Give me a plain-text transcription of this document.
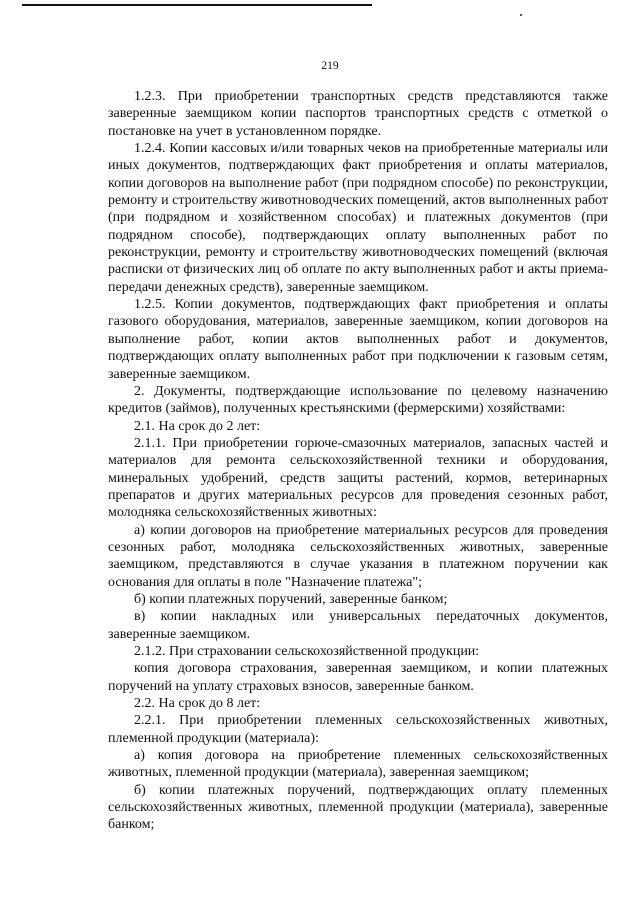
219

1.2.3. При приобретении транспортных средств представляются также заверенные заемщиком копии паспортов транспортных средств с отметкой о постановке на учет в установленном порядке.

1.2.4. Копии кассовых и/или товарных чеков на приобретенные материалы или иных документов, подтверждающих факт приобретения и оплаты материалов, копии договоров на выполнение работ (при подрядном способе) по реконструкции, ремонту и строительству животноводческих помещений, актов выполненных работ (при подрядном и хозяйственном способах) и платежных документов (при подрядном способе), подтверждающих оплату выполненных работ по реконструкции, ремонту и строительству животноводческих помещений (включая расписки от физических лиц об оплате по акту выполненных работ и акты приема-передачи денежных средств), заверенные заемщиком.

1.2.5. Копии документов, подтверждающих факт приобретения и оплаты газового оборудования, материалов, заверенные заемщиком, копии договоров на выполнение работ, копии актов выполненных работ и документов, подтверждающих оплату выполненных работ при подключении к газовым сетям, заверенные заемщиком.

2. Документы, подтверждающие использование по целевому назначению кредитов (займов), полученных крестьянскими (фермерскими) хозяйствами:

2.1. На срок до 2 лет:

2.1.1. При приобретении горюче-смазочных материалов, запасных частей и материалов для ремонта сельскохозяйственной техники и оборудования, минеральных удобрений, средств защиты растений, кормов, ветеринарных препаратов и других материальных ресурсов для проведения сезонных работ, молодняка сельскохозяйственных животных:

а) копии договоров на приобретение материальных ресурсов для проведения сезонных работ, молодняка сельскохозяйственных животных, заверенные заемщиком, представляются в случае указания в платежном поручении как основания для оплаты в поле "Назначение платежа";

б) копии платежных поручений, заверенные банком;

в) копии накладных или универсальных передаточных документов, заверенные заемщиком.

2.1.2. При страховании сельскохозяйственной продукции:

копия договора страхования, заверенная заемщиком, и копии платежных поручений на уплату страховых взносов, заверенные банком.

2.2. На срок до 8 лет:

2.2.1. При приобретении племенных сельскохозяйственных животных, племенной продукции (материала):

а) копия договора на приобретение племенных сельскохозяйственных животных, племенной продукции (материала), заверенная заемщиком;

б) копии платежных поручений, подтверждающих оплату племенных сельскохозяйственных животных, племенной продукции (материала), заверенные банком;
